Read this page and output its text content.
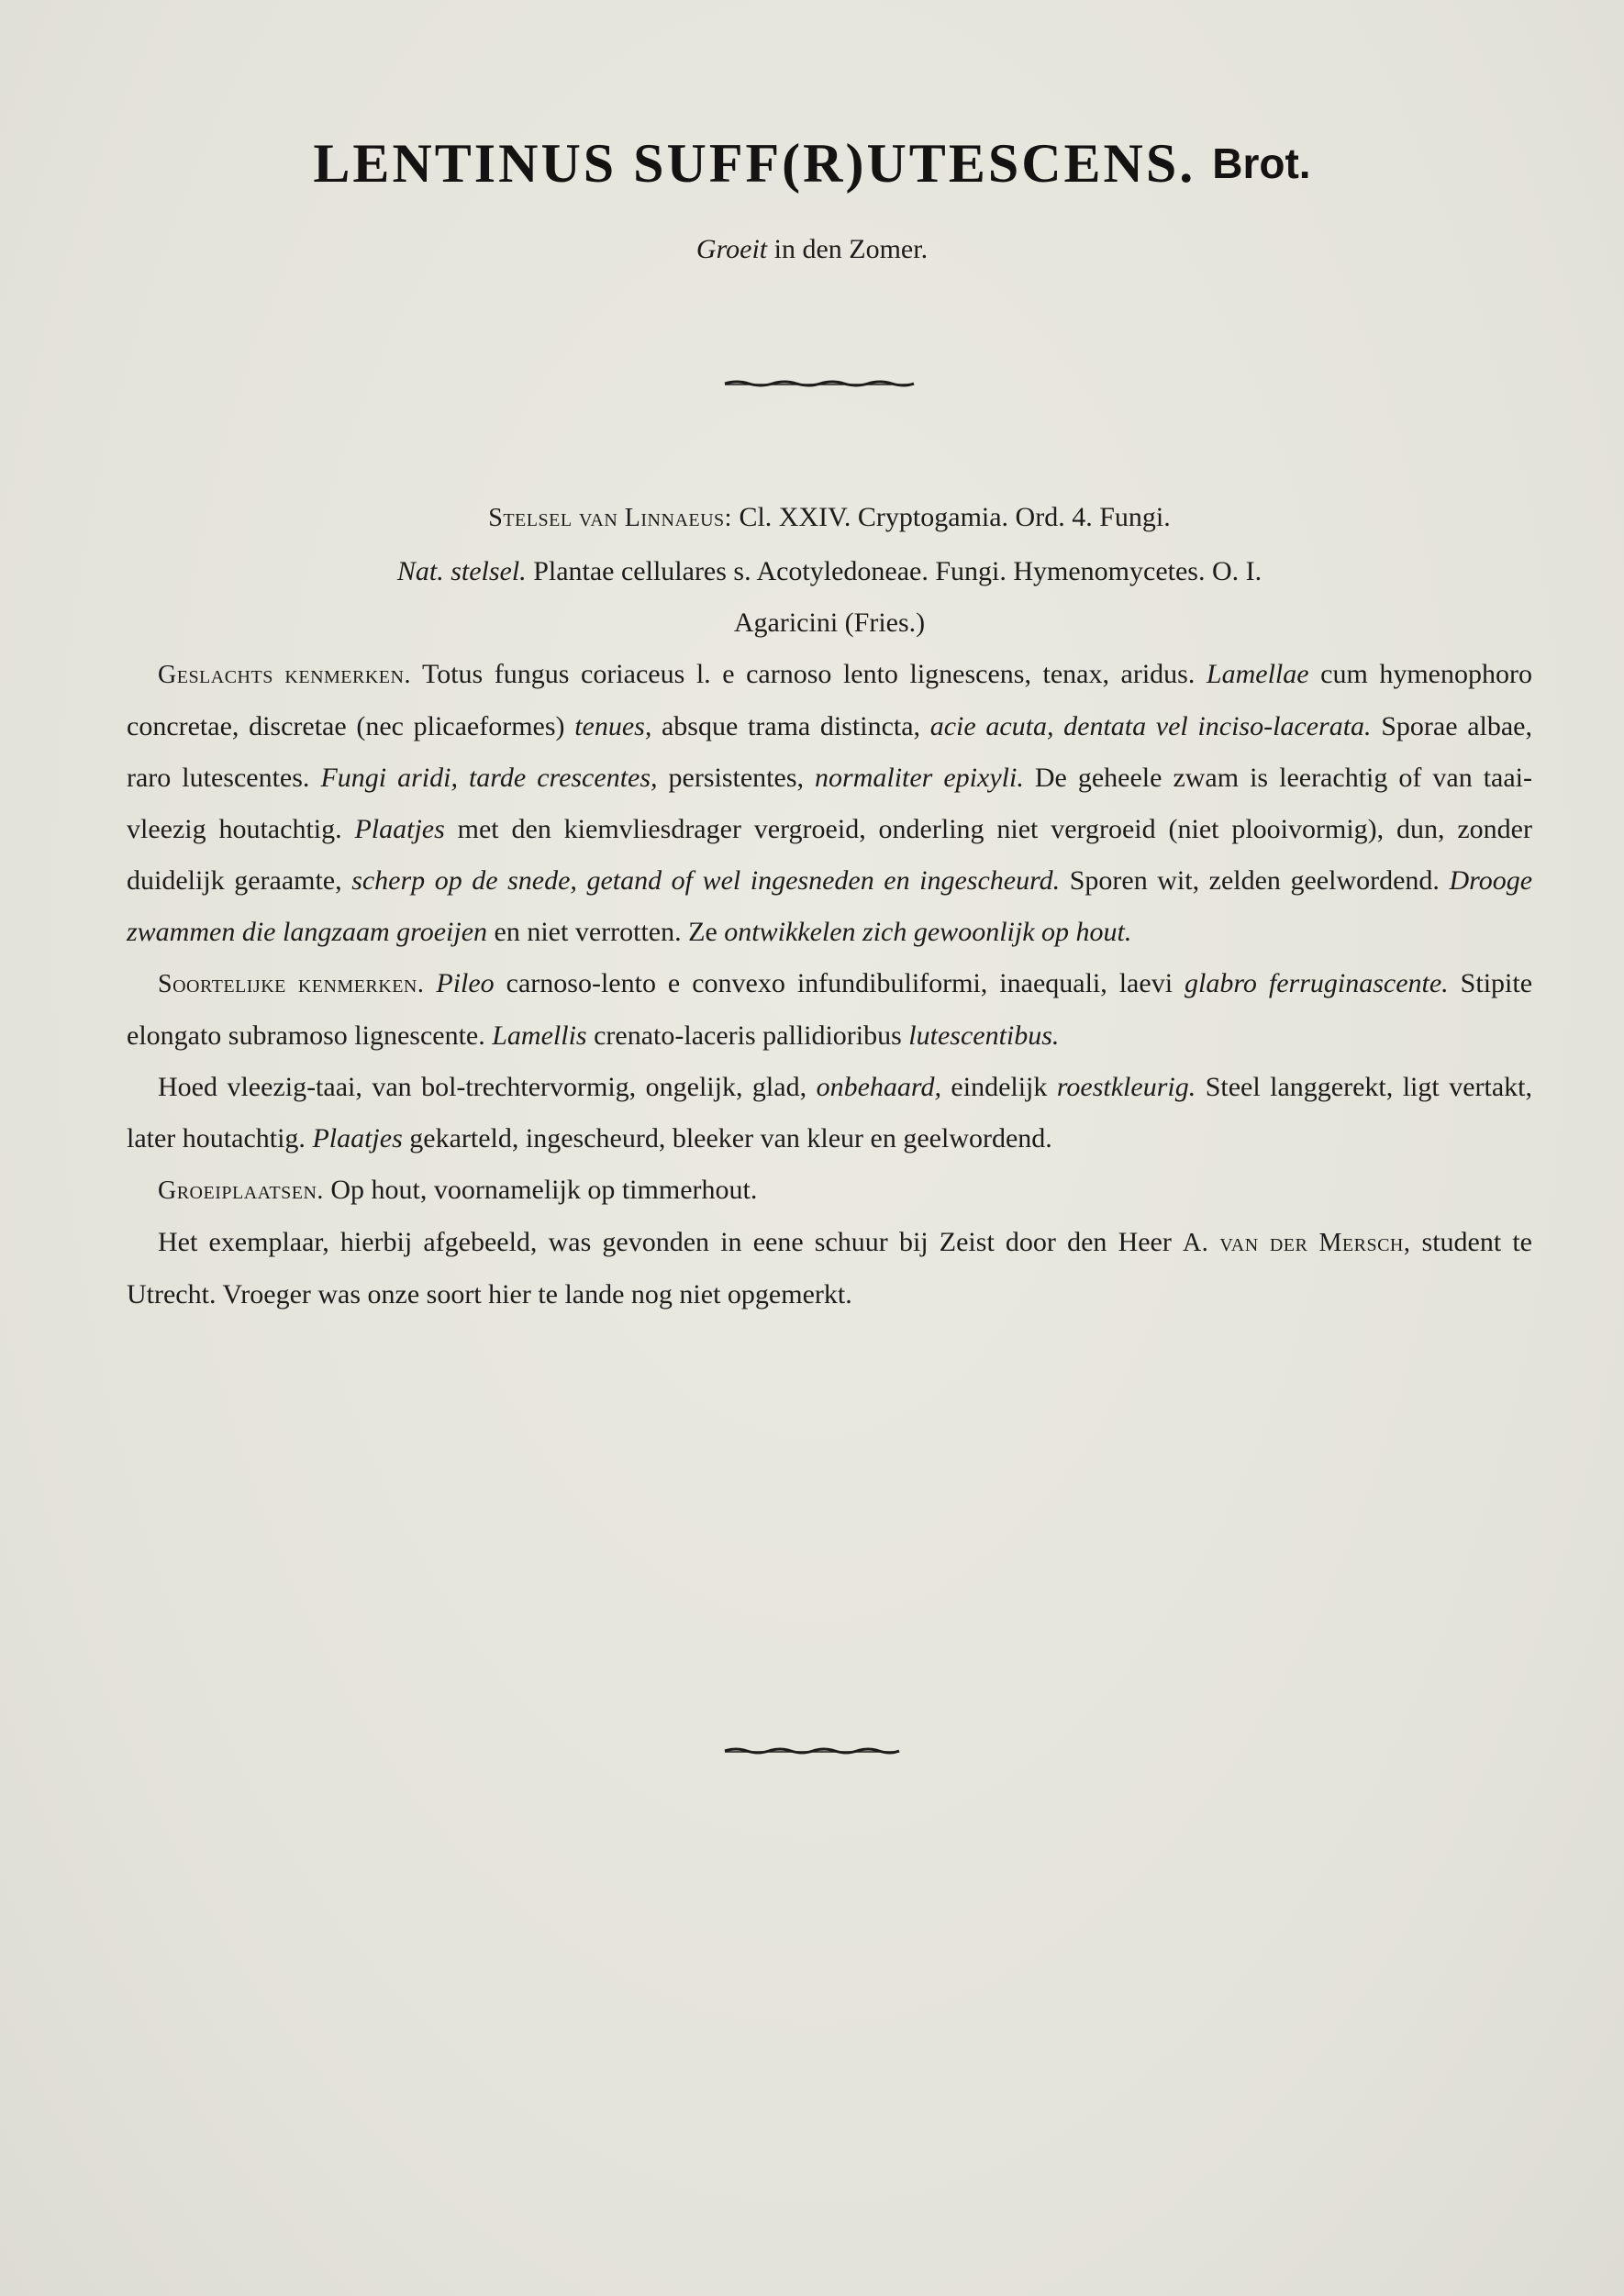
LENTINUS SUFF(R)UTESCENS. Brot.
Groeit in den Zomer.

Stelsel van Linnaeus: Cl. XXIV. Cryptogamia. Ord. 4. Fungi.

Nat. stelsel. Plantae cellulares s. Acotyledoneae. Fungi. Hymenomycetes. O. I.
Agaricini (Fries.)

Geslachts kenmerken. Totus fungus coriaceus l. e carnoso lento lignescens, tenax, aridus. Lamellae cum hymenophoro concretae, discretae (nec plicaeformes) tenues, absque trama distincta, acie acuta, dentata vel inciso-lacerata. Sporae albae, raro lutescentes. Fungi aridi, tarde crescentes, persistentes, normaliter epixyli. De geheele zwam is leerachtig of van taai-vleezig houtachtig. Plaatjes met den kiemvliesdrager vergroeid, onderling niet vergroeid (niet plooivormig), dun, zonder duidelijk geraamte, scherp op de snede, getand of wel ingesneden en ingescheurd. Sporen wit, zelden geelwordend. Drooge zwammen die langzaam groeijen en niet verrotten. Ze ontwikkelen zich gewoonlijk op hout.

Soortelijke kenmerken. Pileo carnoso-lento e convexo infundibuliformi, inaequali, laevi glabro ferruginascente. Stipite elongato subramoso lignescente. Lamellis crenato-laceris pallidioribus lutescentibus.

Hoed vleezig-taai, van bol-trechtervormig, ongelijk, glad, onbehaard, eindelijk roestkleurig. Steel langgerekt, ligt vertakt, later houtachtig. Plaatjes gekarteld, ingescheurd, bleeker van kleur en geelwordend.

Groeiplaatsen. Op hout, voornamelijk op timmerhout.

Het exemplaar, hierbij afgebeeld, was gevonden in eene schuur bij Zeist door den Heer A. van der Mersch, student te Utrecht. Vroeger was onze soort hier te lande nog niet opgemerkt.
